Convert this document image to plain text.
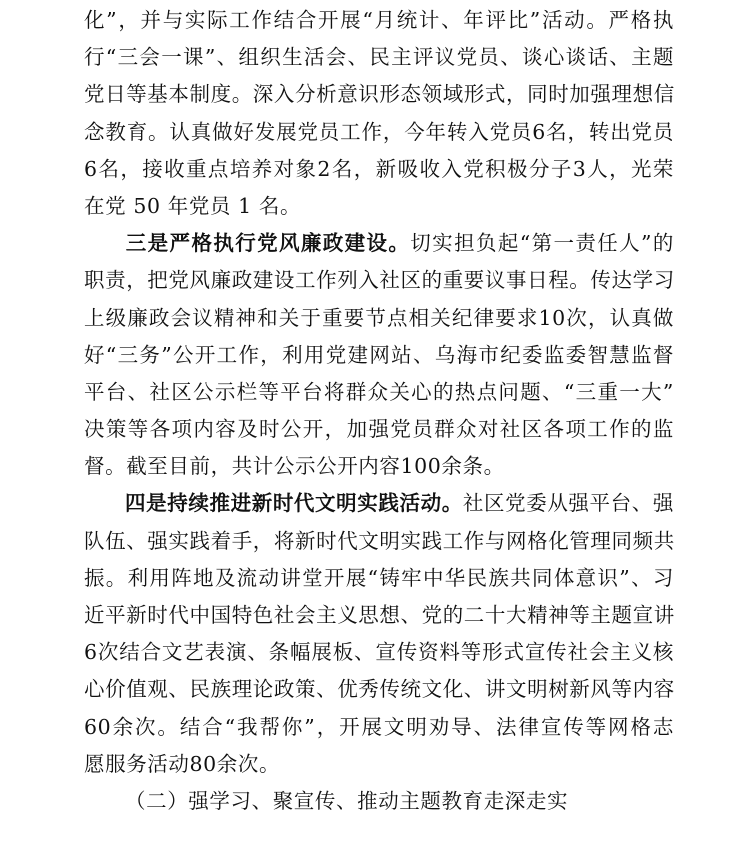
化”，并与实际工作结合开展“月统计、年评比”活动。严格执
行“三会一课”、组织生活会、民主评议党员、谈心谈话、主题
党日等基本制度。深入分析意识形态领域形式，同时加强理想信
念教育。认真做好发展党员工作，今年转入党员6名，转出党员
6名，接收重点培养对象2名，新吸收入党积极分子3人，光荣
在党 50 年党员 1 名。
三是严格执行党风廉政建设。切实担负起“第一责任人”的
职责，把党风廉政建设工作列入社区的重要议事日程。传达学习
上级廉政会议精神和关于重要节点相关纪律要求10次，认真做
好“三务”公开工作，利用党建网站、乌海市纪委监委智慧监督
平台、社区公示栏等平台将群众关心的热点问题、“三重一大”
决策等各项内容及时公开，加强党员群众对社区各项工作的监
督。截至目前，共计公示公开内容100余条。
四是持续推进新时代文明实践活动。社区党委从强平台、强
队伍、强实践着手，将新时代文明实践工作与网格化管理同频共
振。利用阵地及流动讲堂开展“铸牢中华民族共同体意识”、习
近平新时代中国特色社会主义思想、党的二十大精神等主题宣讲
6次结合文艺表演、条幅展板、宣传资料等形式宣传社会主义核
心价值观、民族理论政策、优秀传统文化、讲文明树新风等内容
60余次。结合“我帮你”，开展文明劝导、法律宣传等网格志
愿服务活动80余次。
（二）强学习、聚宣传、推动主题教育走深走实
